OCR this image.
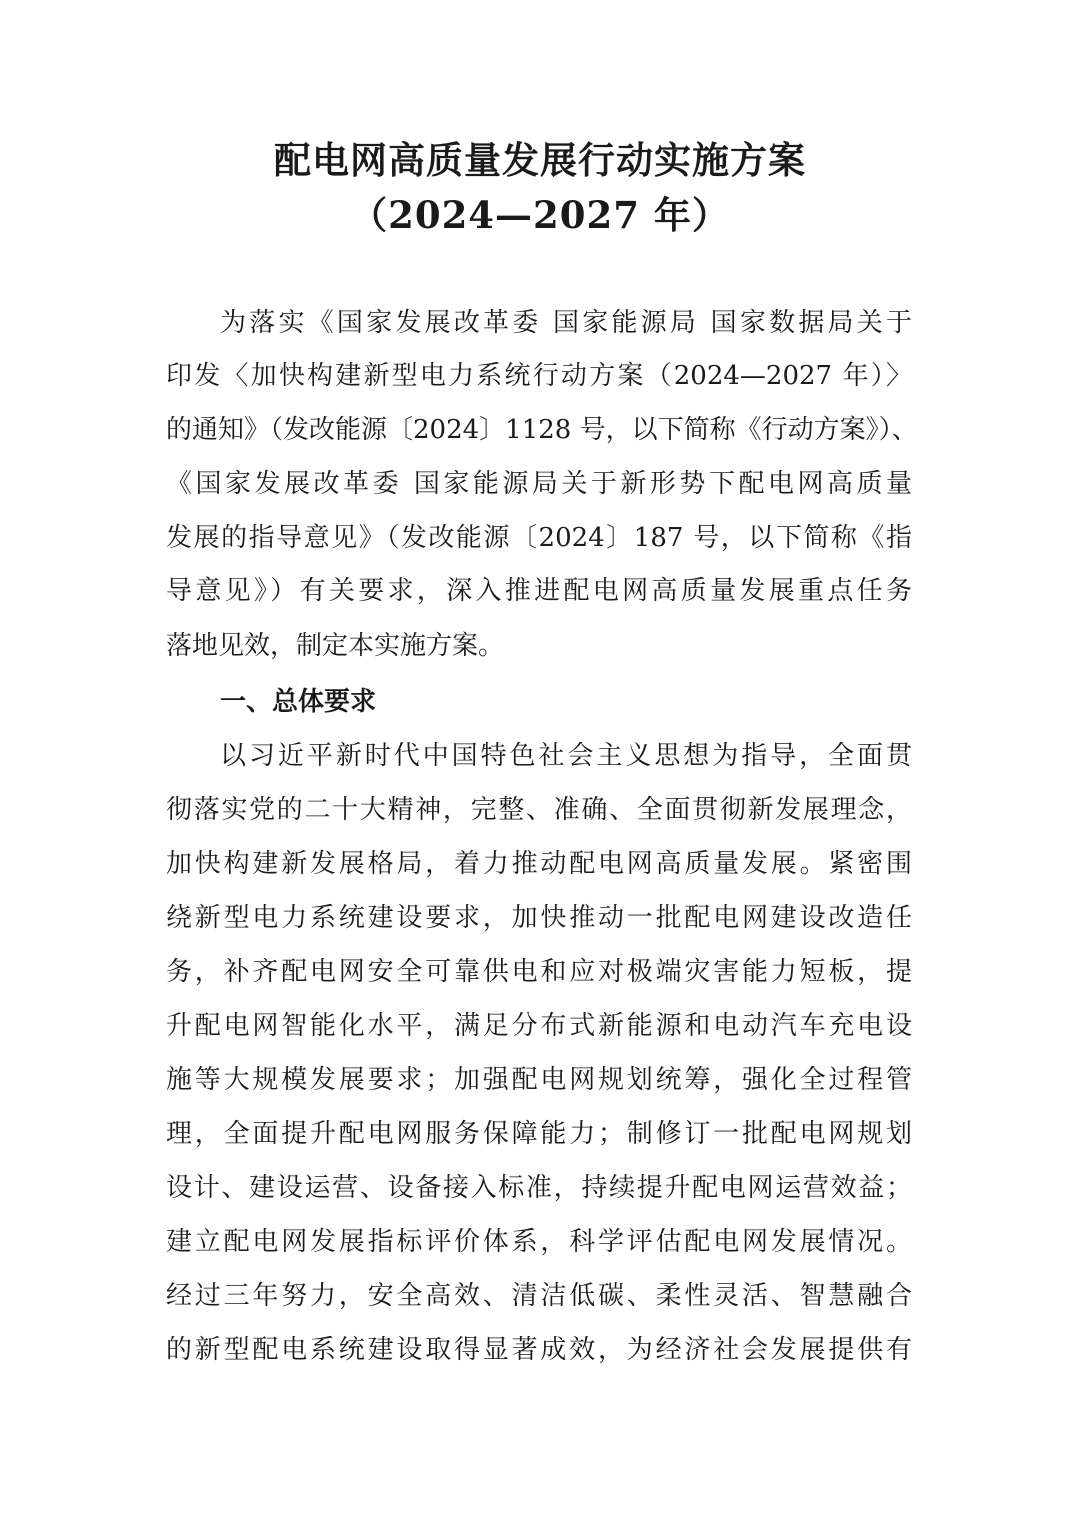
配电网高质量发展行动实施方案
（2024—2027 年）
为落实《国家发展改革委 国家能源局 国家数据局关于
印发〈加快构建新型电力系统行动方案（2024—2027 年）〉
的通知》（发改能源〔2024〕1128 号，以下简称《行动方案》）、
《国家发展改革委 国家能源局关于新形势下配电网高质量
发展的指导意见》（发改能源〔2024〕187 号，以下简称《指
导意见》）有关要求，深入推进配电网高质量发展重点任务
落地见效，制定本实施方案。
一、总体要求
以习近平新时代中国特色社会主义思想为指导，全面贯
彻落实党的二十大精神，完整、准确、全面贯彻新发展理念，
加快构建新发展格局，着力推动配电网高质量发展。紧密围
绕新型电力系统建设要求，加快推动一批配电网建设改造任
务，补齐配电网安全可靠供电和应对极端灾害能力短板，提
升配电网智能化水平，满足分布式新能源和电动汽车充电设
施等大规模发展要求；加强配电网规划统筹，强化全过程管
理，全面提升配电网服务保障能力；制修订一批配电网规划
设计、建设运营、设备接入标准，持续提升配电网运营效益；
建立配电网发展指标评价体系，科学评估配电网发展情况。
经过三年努力，安全高效、清洁低碳、柔性灵活、智慧融合
的新型配电系统建设取得显著成效，为经济社会发展提供有
